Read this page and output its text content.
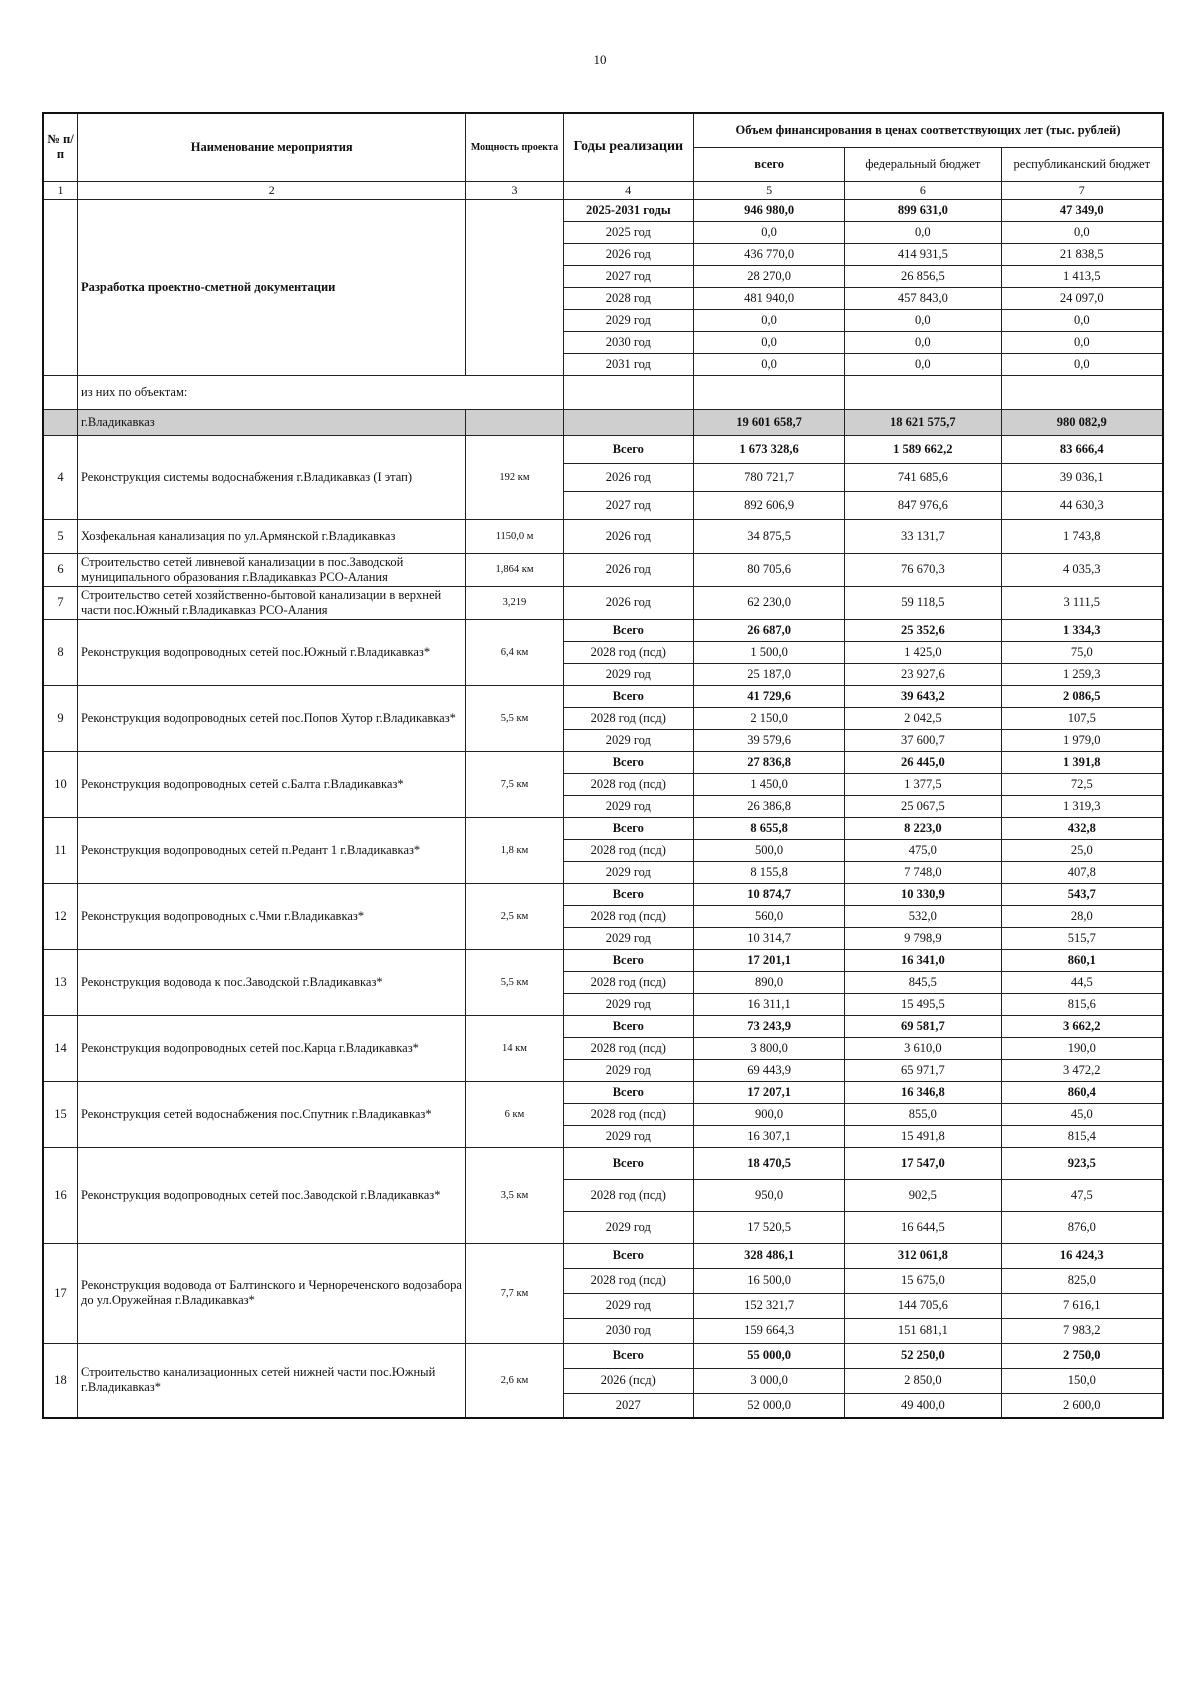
10
№ п/п	Наименование мероприятия	Мощность проекта	Годы реализации	Объем финансирования в ценах соответствующих лет (тыс. рублей)		
				всего	федеральный бюджет	республиканский бюджет
1	2	3	4	5	6	7
	Разработка проектно-сметной документации		2025-2031 годы	946 980,0	899 631,0	47 349,0
			2025 год	0,0	0,0	0,0
			2026 год	436 770,0	414 931,5	21 838,5
			2027 год	28 270,0	26 856,5	1 413,5
			2028 год	481 940,0	457 843,0	24 097,0
			2029 год	0,0	0,0	0,0
			2030 год	0,0	0,0	0,0
			2031 год	0,0	0,0	0,0
	из них по объектам:					
	г.Владикавказ			19 601 658,7	18 621 575,7	980 082,9
4	Реконструкция системы водоснабжения г.Владикавказ (I этап)	192 км	Всего	1 673 328,6	1 589 662,2	83 666,4
			2026 год	780 721,7	741 685,6	39 036,1
			2027 год	892 606,9	847 976,6	44 630,3
5	Хозфекальная канализация по ул.Армянской г.Владикавказ	1150,0 м	2026 год	34 875,5	33 131,7	1 743,8
6	Строительство сетей ливневой канализации в пос.Заводской муниципального образования г.Владикавказ РСО-Алания	1,864 км	2026 год	80 705,6	76 670,3	4 035,3
7	Строительство сетей хозяйственно-бытовой канализации в верхней части пос.Южный г.Владикавказ РСО-Алания	3,219	2026 год	62 230,0	59 118,5	3 111,5
8	Реконструкция водопроводных сетей пос.Южный г.Владикавказ*	6,4 км	Всего	26 687,0	25 352,6	1 334,3
			2028 год (псд)	1 500,0	1 425,0	75,0
			2029 год	25 187,0	23 927,6	1 259,3
9	Реконструкция водопроводных сетей пос.Попов Хутор г.Владикавказ*	5,5 км	Всего	41 729,6	39 643,2	2 086,5
			2028 год (псд)	2 150,0	2 042,5	107,5
			2029 год	39 579,6	37 600,7	1 979,0
10	Реконструкция водопроводных сетей с.Балта г.Владикавказ*	7,5 км	Всего	27 836,8	26 445,0	1 391,8
			2028 год (псд)	1 450,0	1 377,5	72,5
			2029 год	26 386,8	25 067,5	1 319,3
11	Реконструкция водопроводных сетей п.Редант 1 г.Владикавказ*	1,8 км	Всего	8 655,8	8 223,0	432,8
			2028 год (псд)	500,0	475,0	25,0
			2029 год	8 155,8	7 748,0	407,8
12	Реконструкция водопроводных с.Чми г.Владикавказ*	2,5 км	Всего	10 874,7	10 330,9	543,7
			2028 год (псд)	560,0	532,0	28,0
			2029 год	10 314,7	9 798,9	515,7
13	Реконструкция водовода к пос.Заводской г.Владикавказ*	5,5 км	Всего	17 201,1	16 341,0	860,1
			2028 год (псд)	890,0	845,5	44,5
			2029 год	16 311,1	15 495,5	815,6
14	Реконструкция водопроводных сетей пос.Карца г.Владикавказ*	14 км	Всего	73 243,9	69 581,7	3 662,2
			2028 год (псд)	3 800,0	3 610,0	190,0
			2029 год	69 443,9	65 971,7	3 472,2
15	Реконструкция сетей водоснабжения пос.Спутник г.Владикавказ*	6 км	Всего	17 207,1	16 346,8	860,4
			2028 год (псд)	900,0	855,0	45,0
			2029 год	16 307,1	15 491,8	815,4
16	Реконструкция водопроводных сетей пос.Заводской г.Владикавказ*	3,5 км	Всего	18 470,5	17 547,0	923,5
			2028 год (псд)	950,0	902,5	47,5
			2029 год	17 520,5	16 644,5	876,0
17	Реконструкция водовода от Балтинского и Чернореченского водозабора до ул.Оружейная г.Владикавказ*	7,7 км	Всего	328 486,1	312 061,8	16 424,3
			2028 год (псд)	16 500,0	15 675,0	825,0
			2029 год	152 321,7	144 705,6	7 616,1
			2030 год	159 664,3	151 681,1	7 983,2
18	Строительство канализационных сетей нижней части пос.Южный г.Владикавказ*	2,6 км	Всего	55 000,0	52 250,0	2 750,0
			2026 (псд)	3 000,0	2 850,0	150,0
			2027	52 000,0	49 400,0	2 600,0
